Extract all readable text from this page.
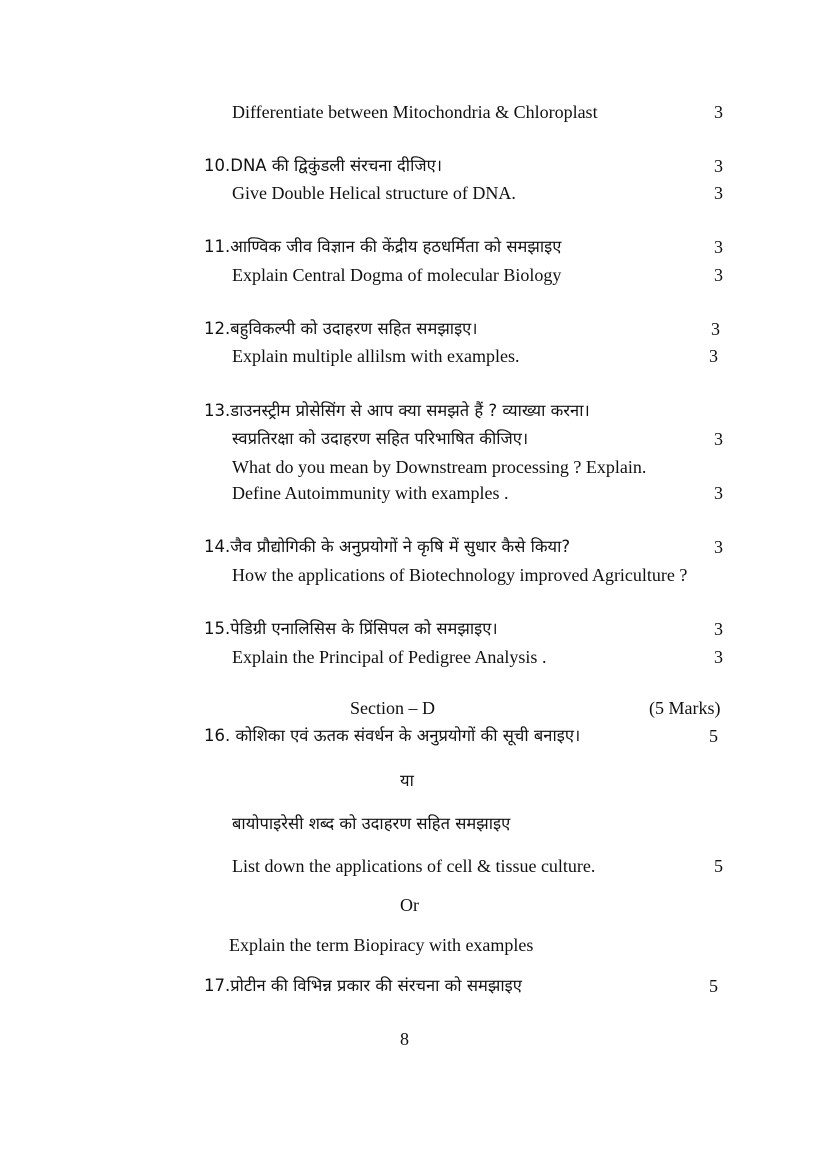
Differentiate between Mitochondria & Chloroplast	3
10.DNA की द्विकुंडली संरचना दीजिए।	3
Give Double Helical structure of DNA.	3
11.आण्विक जीव विज्ञान की केंद्रीय हठधर्मिता को समझाइए	3
Explain Central Dogma of molecular Biology	3
12.बहुविकल्पी को उदाहरण सहित समझाइए।	3
Explain multiple allilsm with examples.	3
13.डाउनस्ट्रीम प्रोसेसिंग से आप क्या समझते हैं ? व्याख्या करना।
स्वप्रतिरक्षा को उदाहरण सहित परिभाषित कीजिए।	3
What do you mean by Downstream processing ? Explain.
Define Autoimmunity with examples .	3
14.जैव प्रौद्योगिकी के अनुप्रयोगों ने कृषि में सुधार कैसे किया?	3
How the applications of Biotechnology improved Agriculture ?
15.पेडिग्री एनालिसिस के प्रिंसिपल को समझाइए।	3
Explain the Principal of Pedigree Analysis .	3
Section – D	(5 Marks)
16. कोशिका एवं ऊतक संवर्धन के अनुप्रयोगों की सूची बनाइए।	5
या
बायोपाइरेसी शब्द को उदाहरण सहित समझाइए
List down the applications of cell & tissue culture.	5
Or
Explain the term Biopiracy with examples
17.प्रोटीन की विभिन्न प्रकार की संरचना को समझाइए	5
8
